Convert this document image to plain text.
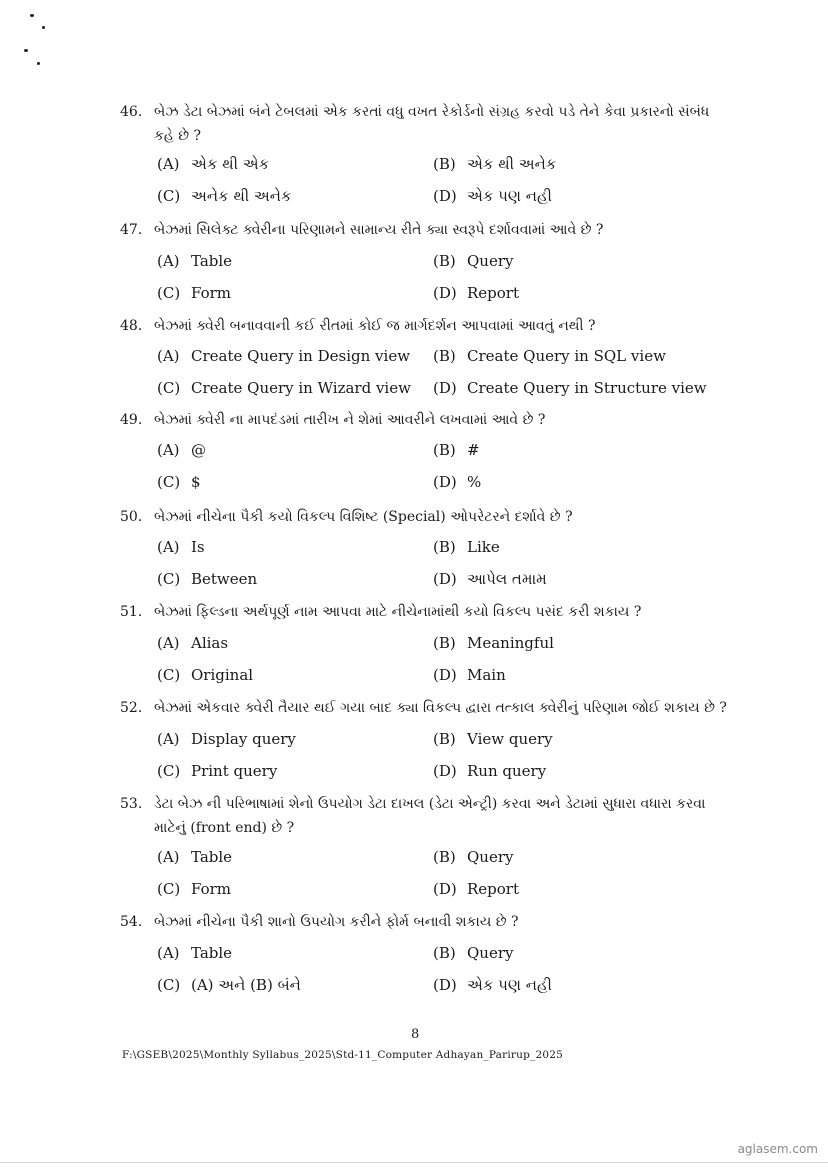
46. બેઝ ડેટા બેઝમાં બંને ટેબલમાં એક કરતાં વધુ વખત રેકોર્ડનો સંગ્રહ કરવો પડે તેને કેવા પ્રકારનો સંબંધ કહે છે ?
(A) એક થી એક	(B) એક થી અનેક
(C) અનેક થી અનેક	(D) એક પણ નહી
47. બેઝમાં સિલેક્ટ ક્વેરીના પરિણામને સામાન્ય રીતે ક્યા સ્વરૂપે દર્શાવવામાં આવે છે ?
(A) Table	(B) Query
(C) Form	(D) Report
48. બેઝમાં ક્વેરી બનાવવાની કઈ રીતમાં કોઈ જ માર્ગદર્શન આપવામાં આવતું નથી ?
(A) Create Query in Design view (B) Create Query in SQL view
(C) Create Query in Wizard view (D) Create Query in Structure view
49. બેઝમાં ક્વેરી ના માપદંડમાં તારીખ ને શેમાં આવરીને લખવામાં આવે છે ?
(A) @	(B) #
(C) $	(D) %
50. બેઝમાં નીચેના પૈકી કયો વિકલ્પ વિશિષ્ટ (Special) ઓપરેટરને દર્શાવે છે ?
(A) Is	(B) Like
(C) Between	(D) આપેલ તમામ
51. બેઝમાં ફિલ્ડના અર્થપૂર્ણ નામ આપવા માટે નીચેનામાંથી કયો વિકલ્પ પસંદ કરી શકાય ?
(A) Alias	(B) Meaningful
(C) Original	(D) Main
52. બેઝમાં એકવાર ક્વેરી તૈયાર થઈ ગયા બાદ ક્યા વિકલ્પ દ્વારા તત્કાલ ક્વેરીનું પરિણામ જોઈ શકાય છે ?
(A) Display query	(B) View query
(C) Print query	(D) Run query
53. ડેટા બેઝ ની પરિભાષામાં શેનો ઉપયોગ ડેટા દાખલ (ડેટા એન્ટ્રી) કરવા અને ડેટામાં સુધારા વધારા કરવા માટેનું (front end) છે ?
(A) Table	(B) Query
(C) Form	(D) Report
54. બેઝમાં નીચેના પૈકી શાનો ઉપયોગ કરીને ફોર્મ બનાવી શકાય છે ?
(A) Table	(B) Query
(C) (A) અને (B) બંને	(D) એક પણ નહી
8
F:\GSEB\2025\Monthly Syllabus_2025\Std-11_Computer Adhayan_Parirup_2025
aglasem.com
